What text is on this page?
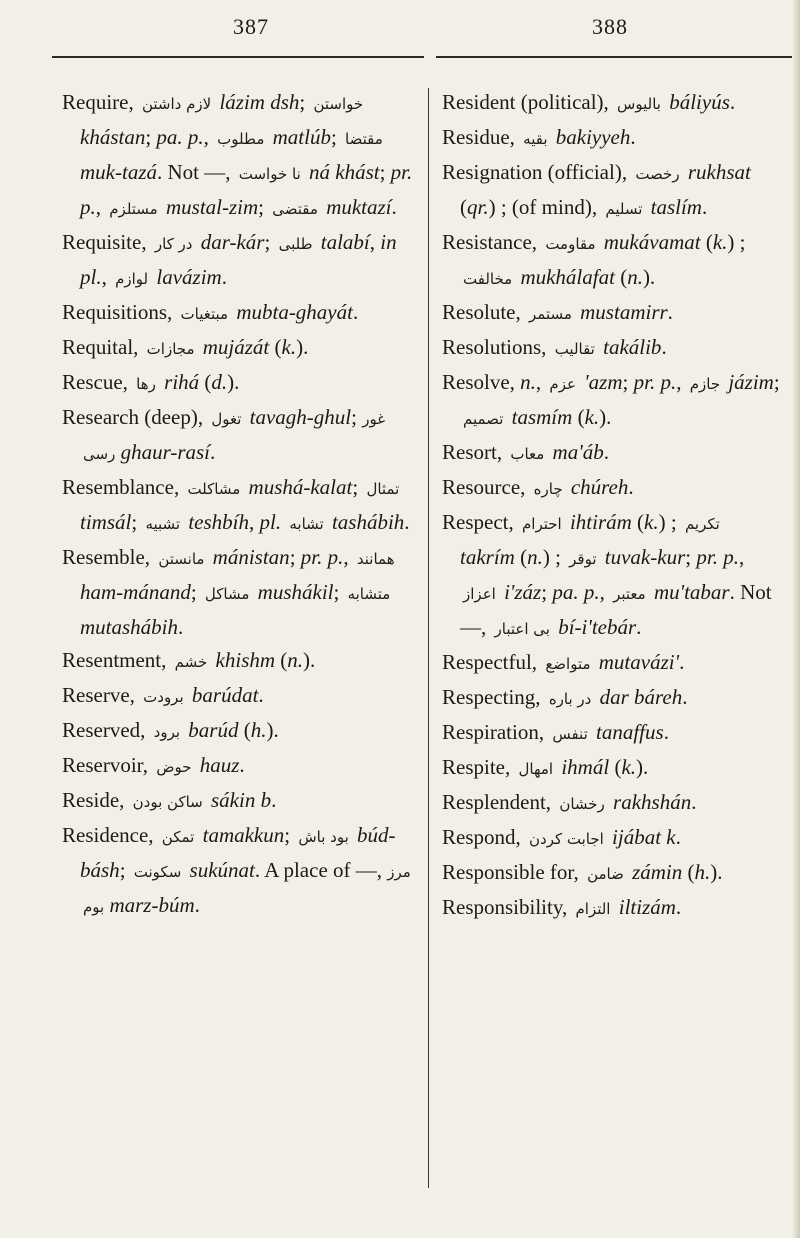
387	388

Require, لازم داشتن lázim dsh; خواستن khástan; pa. p., مطلوب matlúb; مقتضا muk-tazá. Not —, نا خواست ná khást; pr. p., مستلزم mustal-zim; مقتضی muktazí.

Requisite, در کار dar-kár; طلبی talabí, in pl., لوازم lavázim.

Requisitions, مبتغیات mubta-ghayát.

Requital, مجازات mujázát (k.).

Rescue, رها rihá (d.).

Research (deep), تغول tavagh-ghul; غور رسی ghaur-rasí.

Resemblance, مشاکلت mushá-kalat; تمثال timsál; تشبیه teshbíh, pl. تشابه tashábih.

Resemble, مانستن mánistan; pr. p., همانند ham-mánand; مشاکل mushákil; متشابه mutashábih.

Resentment, خشم khishm (n.).

Reserve, برودت barúdat.

Reserved, برود barúd (h.).

Reservoir, حوض hauz.

Reside, ساکن بودن sákin b.

Residence, تمکن tamakkun; بود باش búd-básh; سکونت sukúnat. A place of —, مرز بوم marz-búm.

Resident (political), بالیوس báliyús.

Residue, بقیه bakiyyeh.

Resignation (official), رخصت rukhsat (qr.) ; (of mind), تسلیم taslím.

Resistance, مقاومت mukávamat (k.) ; مخالفت mukhálafat (n.).

Resolute, مستمر mustamirr.

Resolutions, تقالیب takálib.

Resolve, n., عزم 'azm; pr. p., جازم jázim; تصمیم tasmím (k.).

Resort, معاب ma'áb.

Resource, چاره chúreh.

Respect, احترام ihtirám (k.) ; تکریم takrím (n.) ; توقر tuvak-kur; pr. p., اعزاز i'záz; pa. p., معتبر mu'tabar. Not —, بی اعتبار bí-i'tebár.

Respectful, متواضع mutavázi'.

Respecting, در باره dar báreh.

Respiration, تنفس tanaffus.

Respite, امهال ihmál (k.).

Resplendent, رخشان rakhshán.

Respond, اجابت کردن ijábat k.

Responsible for, ضامن zámin (h.).

Responsibility, التزام iltizám.
